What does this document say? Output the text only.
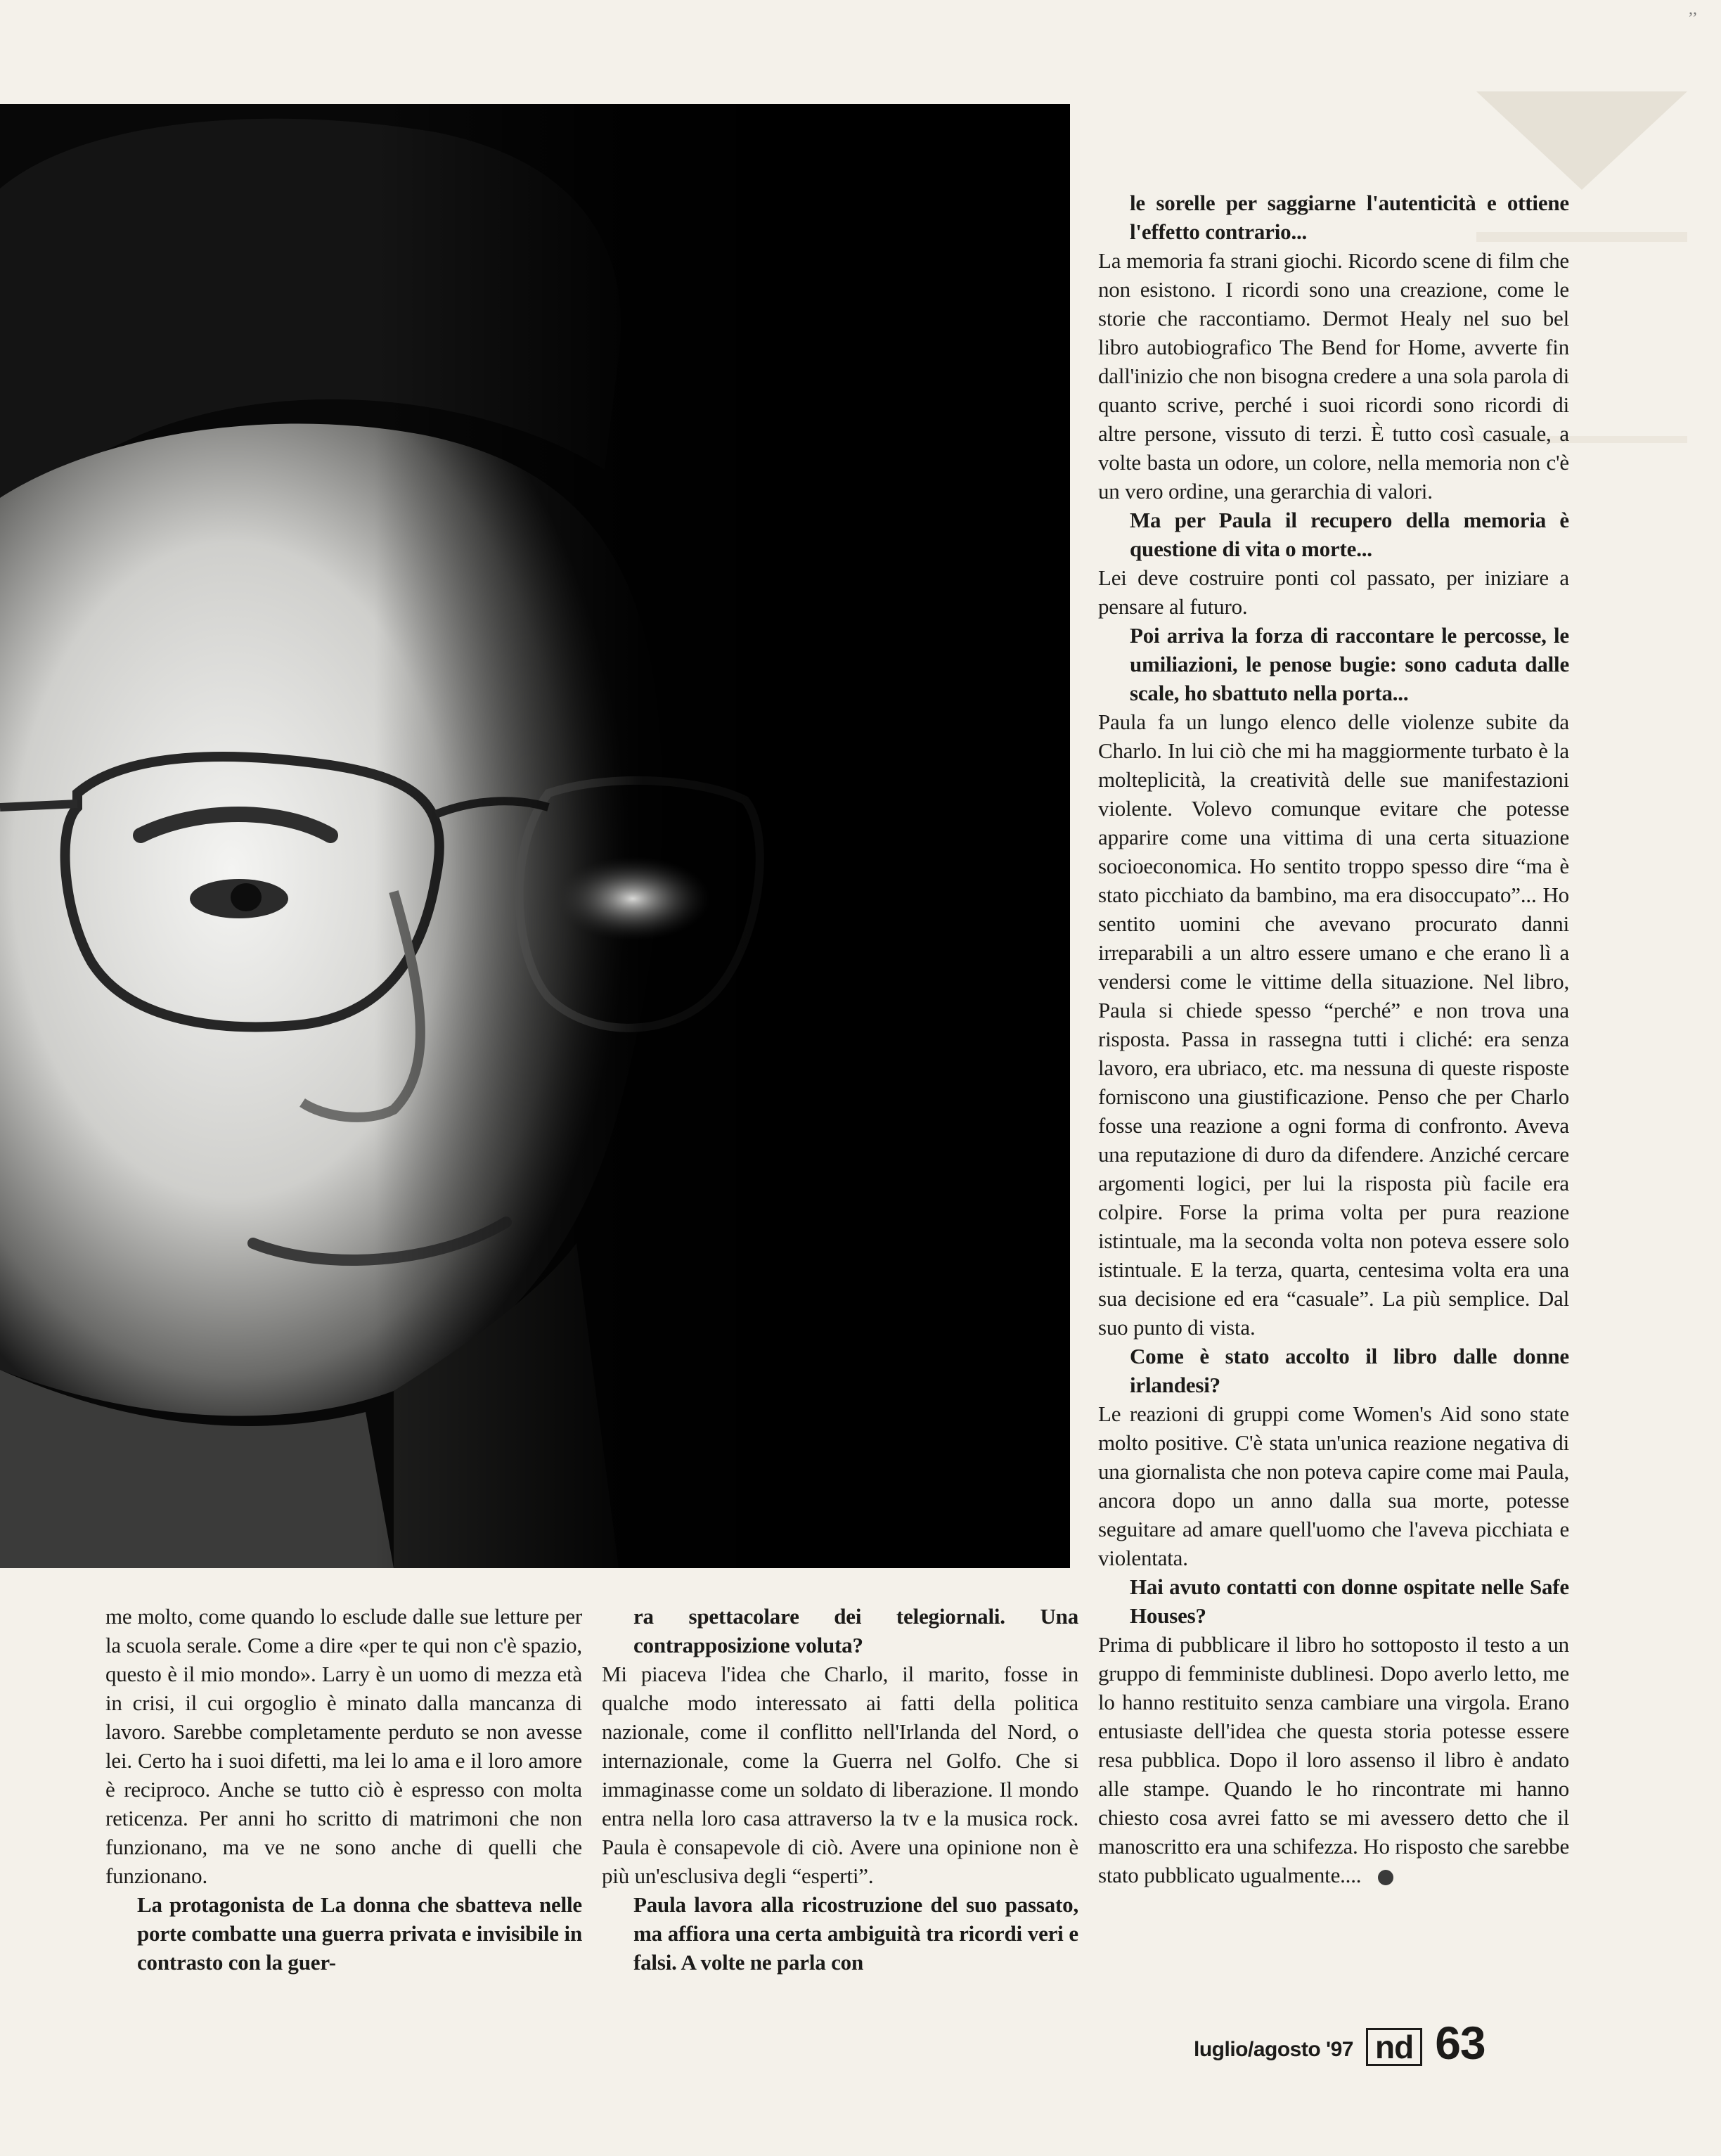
,,

le sorelle per saggiarne l'autenticità e ottiene l'effetto contrario...

La memoria fa strani giochi. Ricordo scene di film che non esistono. I ricordi sono una creazione, come le storie che raccontiamo. Dermot Healy nel suo bel libro autobiografico The Bend for Home, avverte fin dall'inizio che non bisogna credere a una sola parola di quanto scrive, perché i suoi ricordi sono ricordi di altre persone, vissuto di terzi. È tutto così casuale, a volte basta un odore, un colore, nella memoria non c'è un vero ordine, una gerarchia di valori.

Ma per Paula il recupero della memoria è questione di vita o morte...

Lei deve costruire ponti col passato, per iniziare a pensare al futuro.

Poi arriva la forza di raccontare le percosse, le umiliazioni, le penose bugie: sono caduta dalle scale, ho sbattuto nella porta...

Paula fa un lungo elenco delle violenze subite da Charlo. In lui ciò che mi ha maggiormente turbato è la molteplicità, la creatività delle sue manifestazioni violente. Volevo comunque evitare che potesse apparire come una vittima di una certa situazione socioeconomica. Ho sentito troppo spesso dire “ma è stato picchiato da bambino, ma era disoccupato”... Ho sentito uomini che avevano procurato danni irreparabili a un altro essere umano e che erano lì a vendersi come le vittime della situazione. Nel libro, Paula si chiede spesso “perché” e non trova una risposta. Passa in rassegna tutti i cliché: era senza lavoro, era ubriaco, etc. ma nessuna di queste risposte forniscono una giustificazione. Penso che per Charlo fosse una reazione a ogni forma di confronto. Aveva una reputazione di duro da difendere. Anziché cercare argomenti logici, per lui la risposta più facile era colpire. Forse la prima volta per pura reazione istintuale, ma la seconda volta non poteva essere solo istintuale. E la terza, quarta, centesima volta era una sua decisione ed era “casuale”. La più semplice. Dal suo punto di vista.

Come è stato accolto il libro dalle donne irlandesi?

Le reazioni di gruppi come Women's Aid sono state molto positive. C'è stata un'unica reazione negativa di una giornalista che non poteva capire come mai Paula, ancora dopo un anno dalla sua morte, potesse seguitare ad amare quell'uomo che l'aveva picchiata e violentata.

Hai avuto contatti con donne ospitate nelle Safe Houses?

Prima di pubblicare il libro ho sottoposto il testo a un gruppo di femministe dublinesi. Dopo averlo letto, me lo hanno restituito senza cambiare una virgola. Erano entusiaste dell'idea che questa storia potesse essere resa pubblica. Dopo il loro assenso il libro è andato alle stampe. Quando le ho rincontrate mi hanno chiesto cosa avrei fatto se mi avessero detto che il manoscritto era una schifezza. Ho risposto che sarebbe stato pubblicato ugualmente....

me molto, come quando lo esclude dalle sue letture per la scuola serale. Come a dire «per te qui non c'è spazio, questo è il mio mondo». Larry è un uomo di mezza età in crisi, il cui orgoglio è minato dalla mancanza di lavoro. Sarebbe completamente perduto se non avesse lei. Certo ha i suoi difetti, ma lei lo ama e il loro amore è reciproco. Anche se tutto ciò è espresso con molta reticenza. Per anni ho scritto di matrimoni che non funzionano, ma ve ne sono anche di quelli che funzionano.

La protagonista de La donna che sbatteva nelle porte combatte una guerra privata e invisibile in contrasto con la guer-

ra spettacolare dei telegiornali. Una contrapposizione voluta?

Mi piaceva l'idea che Charlo, il marito, fosse in qualche modo interessato ai fatti della politica nazionale, come il conflitto nell'Irlanda del Nord, o internazionale, come la Guerra nel Golfo. Che si immaginasse come un soldato di liberazione. Il mondo entra nella loro casa attraverso la tv e la musica rock. Paula è consapevole di ciò. Avere una opinione non è più un'esclusiva degli “esperti”.

Paula lavora alla ricostruzione del suo passato, ma affiora una certa ambiguità tra ricordi veri e falsi. A volte ne parla con

luglio/agosto '97 nd 63
